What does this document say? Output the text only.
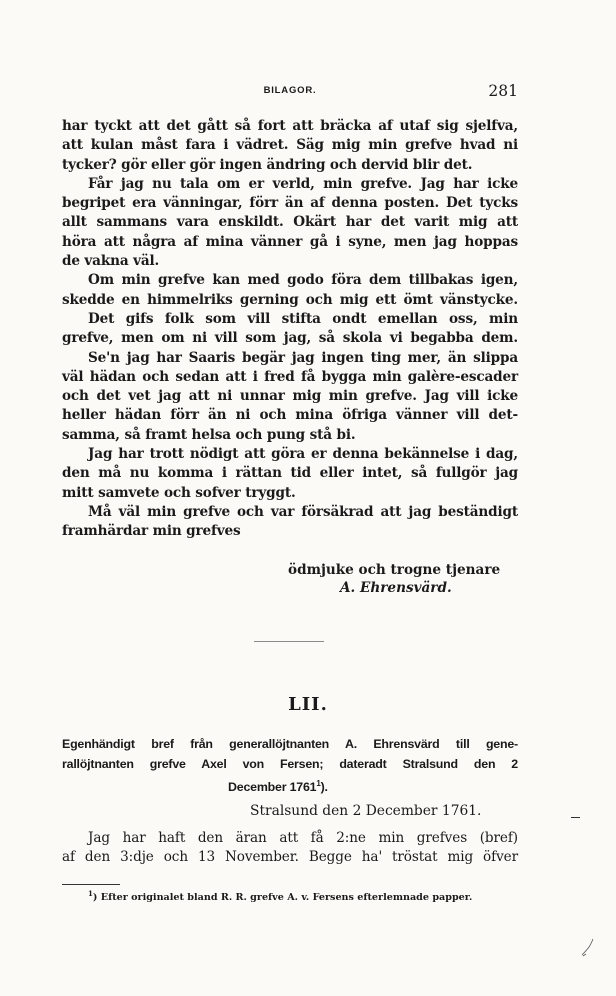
BILAGOR.	281
har tyckt att det gått så fort att bräcka af utaf sig sjelfva,
att kulan måst fara i vädret. Säg mig min grefve hvad ni
tycker? gör eller gör ingen ändring och dervid blir det.
Får jag nu tala om er verld, min grefve. Jag har icke
begripet era vänningar, förr än af denna posten. Det tycks
allt sammans vara enskildt. Okärt har det varit mig att
höra att några af mina vänner gå i syne, men jag hoppas
de vakna väl.
Om min grefve kan med godo föra dem tillbakas igen,
skedde en himmelriks gerning och mig ett ömt vänstycke.
Det gifs folk som vill stifta ondt emellan oss, min
grefve, men om ni vill som jag, så skola vi begabba dem.
Se'n jag har Saaris begär jag ingen ting mer, än slippa
väl hädan och sedan att i fred få bygga min galère-escader
och det vet jag att ni unnar mig min grefve. Jag vill icke
heller hädan förr än ni och mina öfriga vänner vill det-
samma, så framt helsa och pung stå bi.
Jag har trott nödigt att göra er denna bekännelse i dag,
den må nu komma i rättan tid eller intet, så fullgör jag
mitt samvete och sofver tryggt.
Må väl min grefve och var försäkrad att jag beständigt
framhärdar min grefves
ödmjuke och trogne tjenare
A. Ehrensvärd.
LII.
Egenhändigt bref från generallöjtnanten A. Ehrensvärd till gene-
rallöjtnanten grefve Axel von Fersen; dateradt Stralsund den 2
December 1761$^1$).
Stralsund den 2 December 1761.
Jag har haft den äran att få 2:ne min grefves (bref)
af den 3:dje och 13 November. Begge ha' tröstat mig öfver
$^1$) Efter originalet bland R. R. grefve A. v. Fersens efterlemnade papper.
